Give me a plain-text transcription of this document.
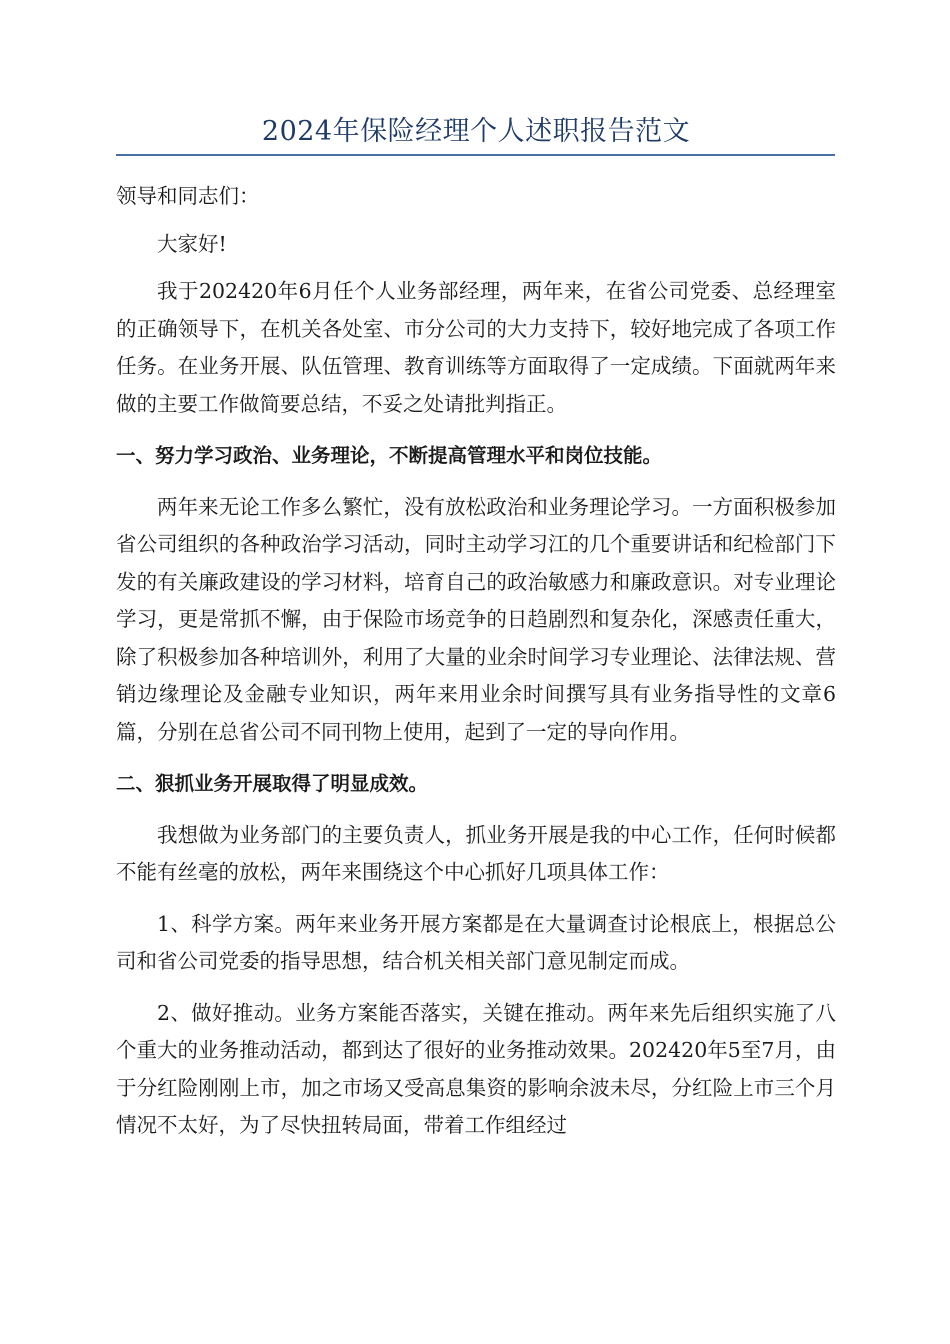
2024年保险经理个人述职报告范文

领导和同志们：

大家好!

我于202420年6月任个人业务部经理，两年来，在省公司党委、总经理室的正确领导下，在机关各处室、市分公司的大力支持下，较好地完成了各项工作任务。在业务开展、队伍管理、教育训练等方面取得了一定成绩。下面就两年来做的主要工作做简要总结，不妥之处请批判指正。

一、努力学习政治、业务理论，不断提高管理水平和岗位技能。

两年来无论工作多么繁忙，没有放松政治和业务理论学习。一方面积极参加省公司组织的各种政治学习活动，同时主动学习江的几个重要讲话和纪检部门下发的有关廉政建设的学习材料，培育自己的政治敏感力和廉政意识。对专业理论学习，更是常抓不懈，由于保险市场竞争的日趋剧烈和复杂化，深感责任重大，除了积极参加各种培训外，利用了大量的业余时间学习专业理论、法律法规、营销边缘理论及金融专业知识，两年来用业余时间撰写具有业务指导性的文章6篇，分别在总省公司不同刊物上使用，起到了一定的导向作用。

二、狠抓业务开展取得了明显成效。

我想做为业务部门的主要负责人，抓业务开展是我的中心工作，任何时候都不能有丝毫的放松，两年来围绕这个中心抓好几项具体工作：

1、科学方案。两年来业务开展方案都是在大量调查讨论根底上，根据总公司和省公司党委的指导思想，结合机关相关部门意见制定而成。

2、做好推动。业务方案能否落实，关键在推动。两年来先后组织实施了八个重大的业务推动活动，都到达了很好的业务推动效果。202420年5至7月，由于分红险刚刚上市，加之市场又受高息集资的影响余波未尽，分红险上市三个月情况不太好，为了尽快扭转局面，带着工作组经过
